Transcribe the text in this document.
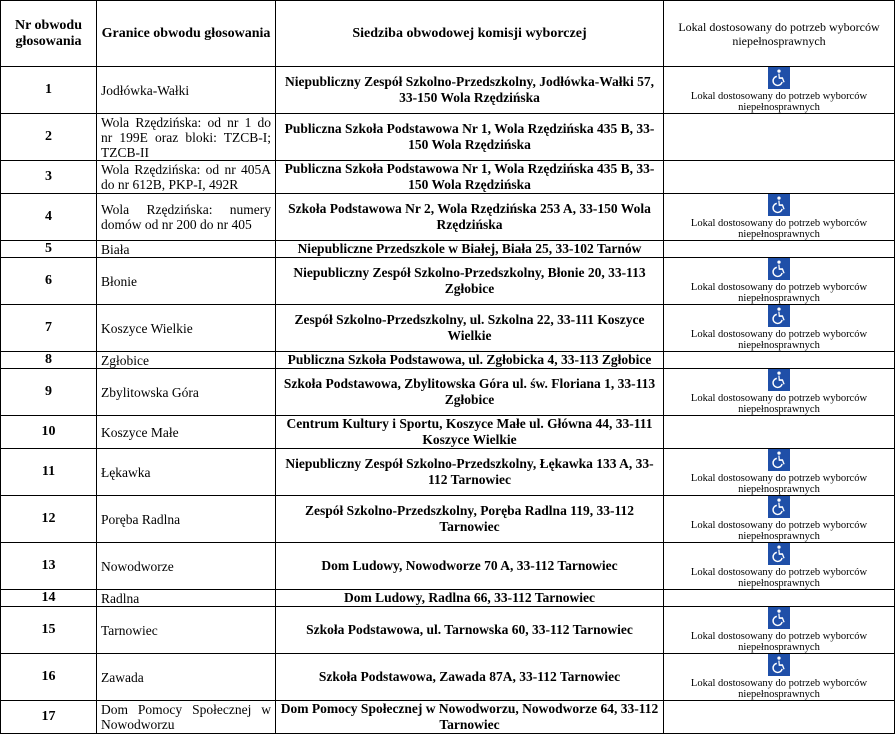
Nr obwodu głosowania	Granice obwodu głosowania	Siedziba obwodowej komisji wyborczej	Lokal dostosowany do potrzeb wyborców niepełnosprawnych
1	Jodłówka-Wałki	Niepubliczny Zespół Szkolno-Przedszkolny, Jodłówka-Wałki 57, 33-150 Wola Rzędzińska	Lokal dostosowany do potrzeb wyborców niepełnosprawnych

2	Wola Rzędzińska: od nr 1 do nr 199E oraz bloki: TZCB-I; TZCB-II	Publiczna Szkoła Podstawowa Nr 1, Wola Rzędzińska 435 B, 33-150 Wola Rzędzińska	
3	Wola Rzędzińska: od nr 405A do nr 612B, PKP-I, 492R	Publiczna Szkoła Podstawowa Nr 1, Wola Rzędzińska 435 B, 33-150 Wola Rzędzińska	
4	Wola Rzędzińska: numery domów od nr 200 do nr 405	Szkoła Podstawowa Nr 2, Wola Rzędzińska 253 A, 33-150 Wola Rzędzińska	Lokal dostosowany do potrzeb wyborców niepełnosprawnych

5	Biała	Niepubliczne Przedszkole w Białej, Biała 25, 33-102 Tarnów	
6	Błonie	Niepubliczny Zespół Szkolno-Przedszkolny, Błonie 20, 33-113 Zgłobice	Lokal dostosowany do potrzeb wyborców niepełnosprawnych

7	Koszyce Wielkie	Zespół Szkolno-Przedszkolny, ul. Szkolna 22, 33-111 Koszyce Wielkie	Lokal dostosowany do potrzeb wyborców niepełnosprawnych

8	Zgłobice	Publiczna Szkoła Podstawowa, ul. Zgłobicka 4, 33-113 Zgłobice	
9	Zbylitowska Góra	Szkoła Podstawowa, Zbylitowska Góra ul. św. Floriana 1, 33-113 Zgłobice	Lokal dostosowany do potrzeb wyborców niepełnosprawnych

10	Koszyce Małe	Centrum Kultury i Sportu, Koszyce Małe ul. Główna 44, 33-111 Koszyce Wielkie	
11	Łękawka	Niepubliczny Zespół Szkolno-Przedszkolny, Łękawka 133 A, 33-112 Tarnowiec	Lokal dostosowany do potrzeb wyborców niepełnosprawnych

12	Poręba Radlna	Zespół Szkolno-Przedszkolny, Poręba Radlna 119, 33-112 Tarnowiec	Lokal dostosowany do potrzeb wyborców niepełnosprawnych

13	Nowodworze	Dom Ludowy, Nowodworze 70 A, 33-112 Tarnowiec	Lokal dostosowany do potrzeb wyborców niepełnosprawnych

14	Radlna	Dom Ludowy, Radlna 66, 33-112 Tarnowiec	
15	Tarnowiec	Szkoła Podstawowa, ul. Tarnowska 60, 33-112 Tarnowiec	Lokal dostosowany do potrzeb wyborców niepełnosprawnych

16	Zawada	Szkoła Podstawowa, Zawada 87A, 33-112 Tarnowiec	Lokal dostosowany do potrzeb wyborców niepełnosprawnych

17	Dom Pomocy Społecznej w Nowodworzu	Dom Pomocy Społecznej w Nowodworzu, Nowodworze 64, 33-112 Tarnowiec	
